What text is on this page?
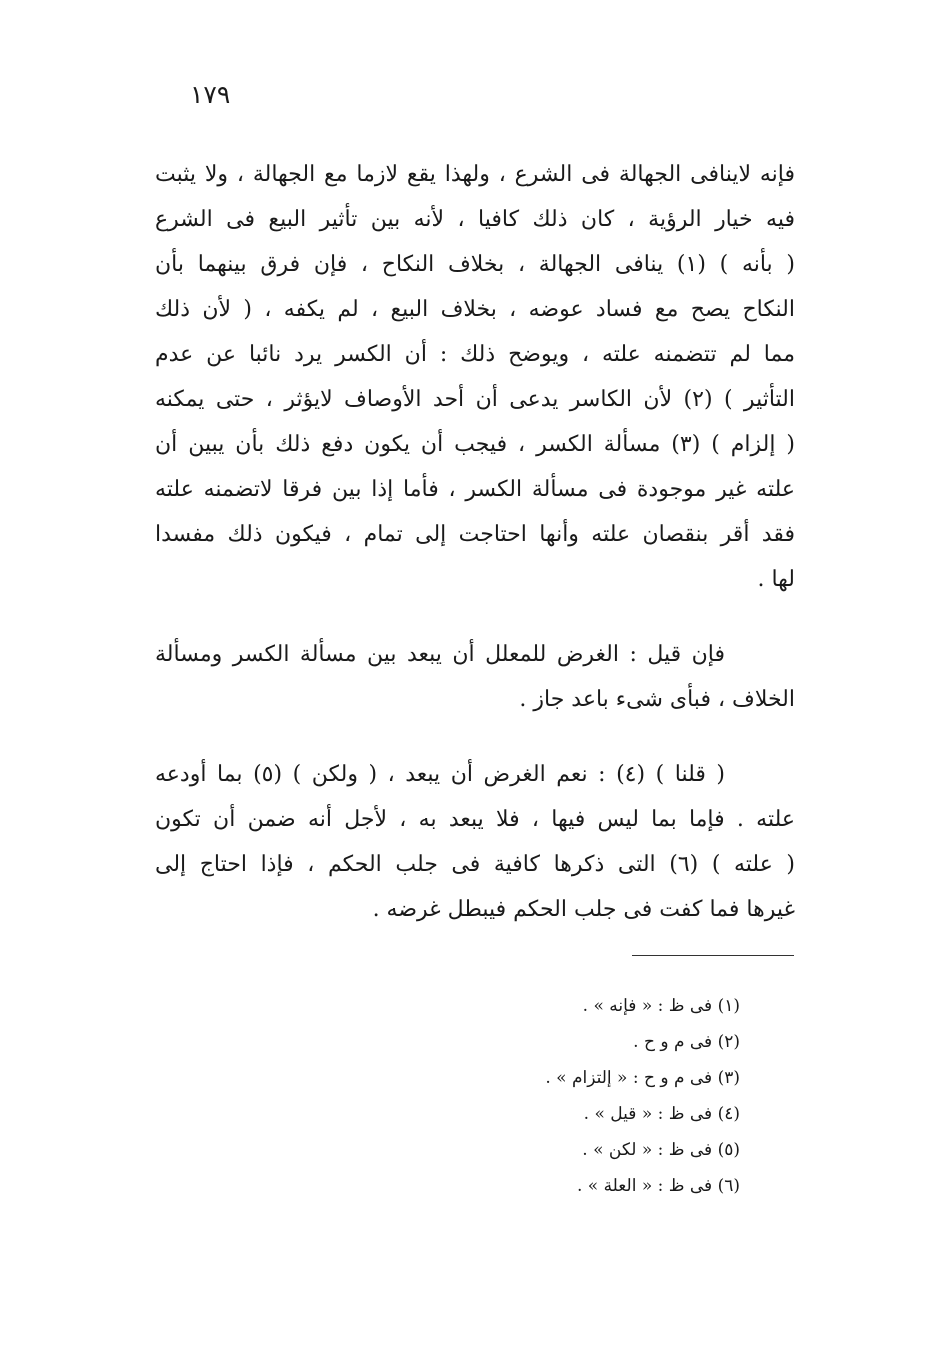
١٧٩
فإنه لاينافى الجهالة فى الشرع ، ولهذا يقع لازما مع الجهالة ، ولا يثبت
فيه خيار الرؤية ، كان ذلك كافيا ، لأنه بين تأثير البيع فى الشرع
( بأنه ) (١) ينافى الجهالة ، بخلاف النكاح ، فإن فرق بينهما بأن
النكاح يصح مع فساد عوضه ، بخلاف البيع ، لم يكفه ، ( لأن ذلك
مما لم تتضمنه علته ، ويوضح ذلك : أن الكسر يرد نائبا عن عدم
التأثير ) (٢) لأن الكاسر يدعى أن أحد الأوصاف لايؤثر ، حتى يمكنه
( إلزام ) (٣) مسألة الكسر ، فيجب أن يكون دفع ذلك بأن يبين أن
علته غير موجودة فى مسألة الكسر ، فأما إذا بين فرقا لاتضمنه علته
فقد أقر بنقصان علته وأنها احتاجت إلى تمام ، فيكون ذلك مفسدا
لها .
فإن قيل : الغرض للمعلل أن يبعد بين مسألة الكسر ومسألة
الخلاف ، فبأى شىء باعد جاز .
( قلنا ) (٤) : نعم الغرض أن يبعد ، ( ولكن ) (٥) بما أودعه
علته . فإما بما ليس فيها ، فلا يبعد به ، لأجل أنه ضمن أن تكون
( علته ) (٦) التى ذكرها كافية فى جلب الحكم ، فإذا احتاج إلى
غيرها فما كفت فى جلب الحكم فيبطل غرضه .
(١) فى ظ : « فإنه » .
(٢) فى م و ح .
(٣) فى م و ح : « إلتزام » .
(٤) فى ظ : « قيل » .
(٥) فى ظ : « لكن » .
(٦) فى ظ : « العلة » .
